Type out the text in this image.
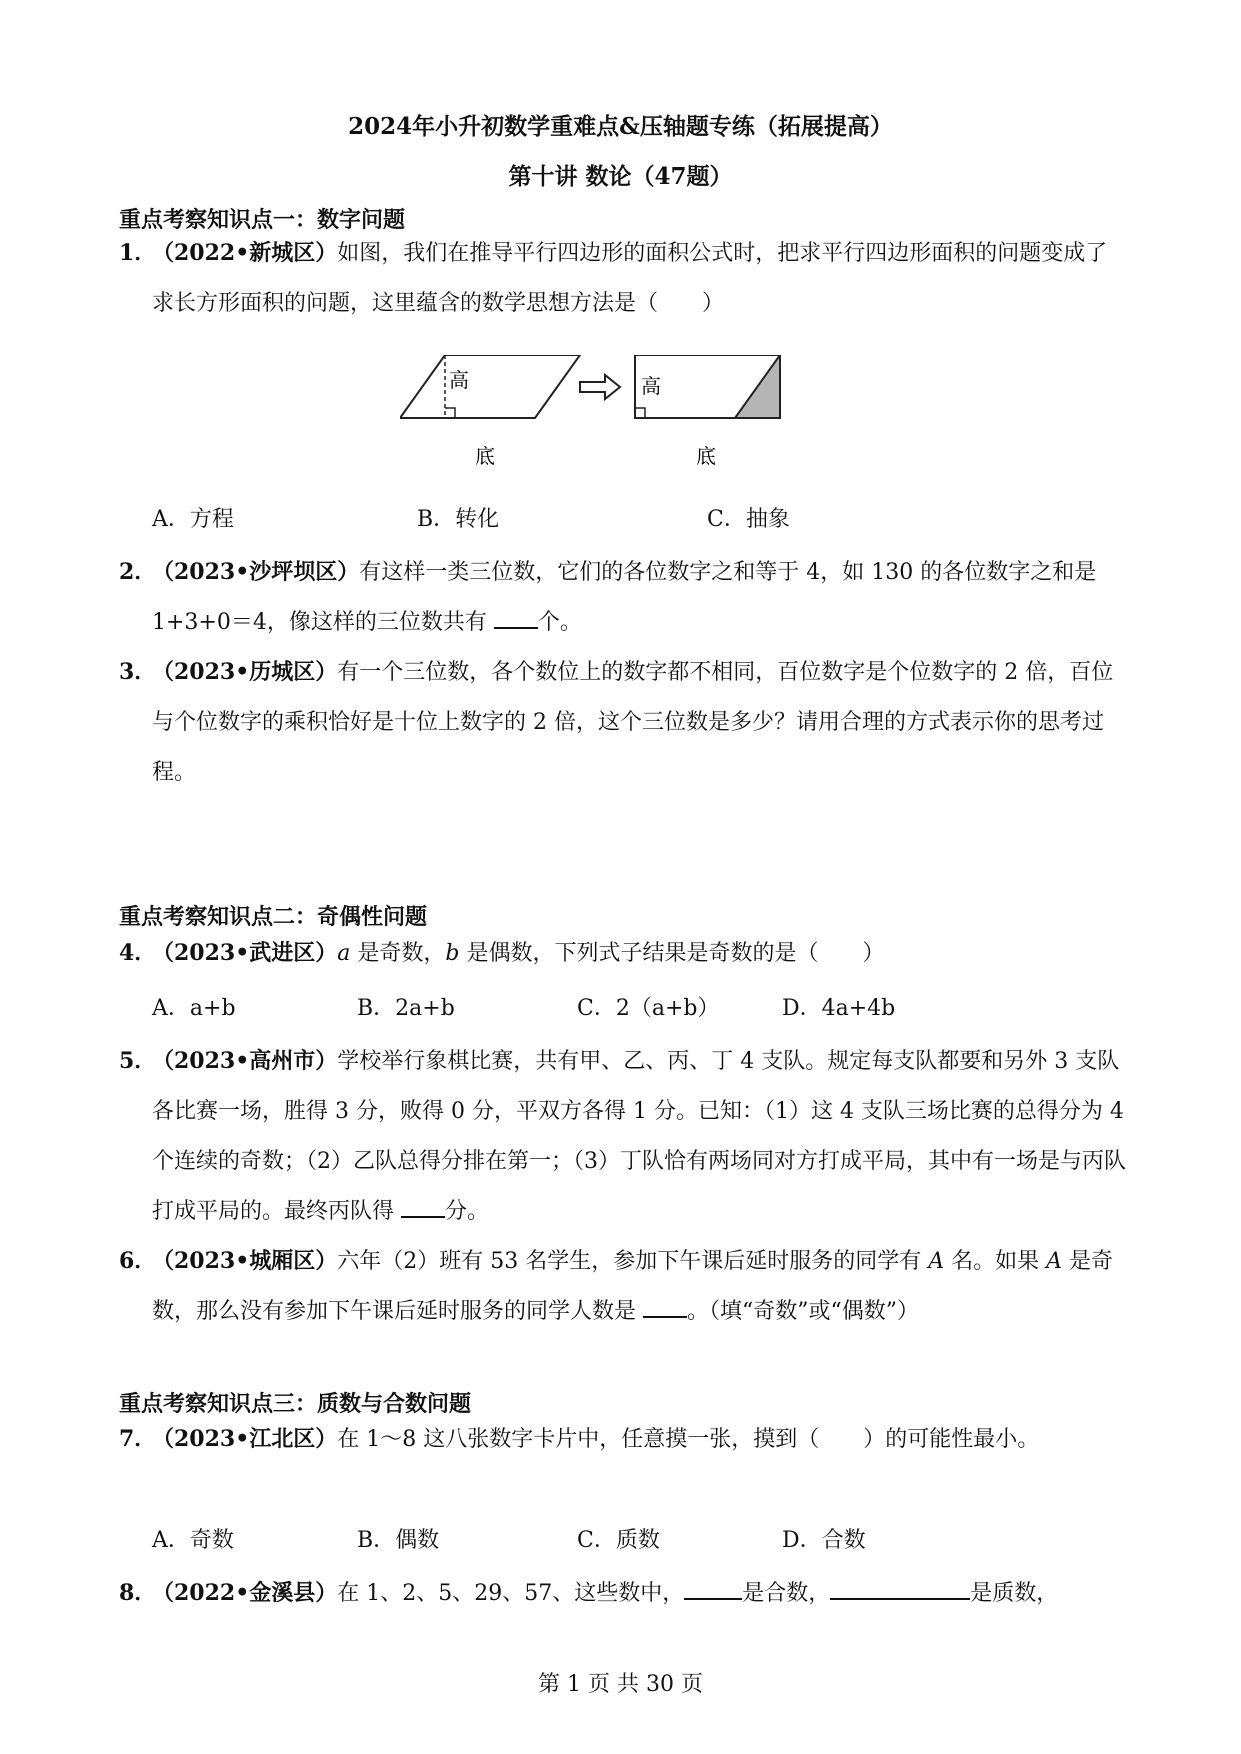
2024年小升初数学重难点&压轴题专练（拓展提高）
第十讲 数论（47题）
重点考察知识点一：数字问题
1．
（2022•新城区）如图，我们在推导平行四边形的面积公式时，把求平行四边形面积的问题变成了求长方形面积的问题，这里蕴含的数学思想方法是（　　）
高
底
高
底
A．方程	B．转化	C．抽象
2．
（2023•沙坪坝区）有这样一类三位数，它们的各位数字之和等于 4，如 130 的各位数字之和是 1+3+0＝4，像这样的三位数共有 个。
3．
（2023•历城区）有一个三位数，各个数位上的数字都不相同，百位数字是个位数字的 2 倍，百位与个位数字的乘积恰好是十位上数字的 2 倍，这个三位数是多少？请用合理的方式表示你的思考过程。
重点考察知识点二：奇偶性问题
4．
（2023•武进区）a 是奇数，b 是偶数，下列式子结果是奇数的是（　　）
A．a+b	B．2a+b	C．2（a+b）	D．4a+4b
5．
（2023•高州市）学校举行象棋比赛，共有甲、乙、丙、丁 4 支队。规定每支队都要和另外 3 支队各比赛一场，胜得 3 分，败得 0 分，平双方各得 1 分。已知：（1）这 4 支队三场比赛的总得分为 4 个连续的奇数；（2）乙队总得分排在第一；（3）丁队恰有两场同对方打成平局，其中有一场是与丙队打成平局的。最终丙队得 分。
6．
（2023•城厢区）六年（2）班有 53 名学生，参加下午课后延时服务的同学有 A 名。如果 A 是奇数，那么没有参加下午课后延时服务的同学人数是 。（填“奇数”或“偶数”）
重点考察知识点三：质数与合数问题
7．
（2023•江北区）在 1～8 这八张数字卡片中，任意摸一张，摸到（　　）的可能性最小。
A．奇数	B．偶数	C．质数	D．合数
8．
（2022•金溪县）在 1、2、5、29、57、这些数中，	是合数，	是质数，
第 1 页 共 30 页
